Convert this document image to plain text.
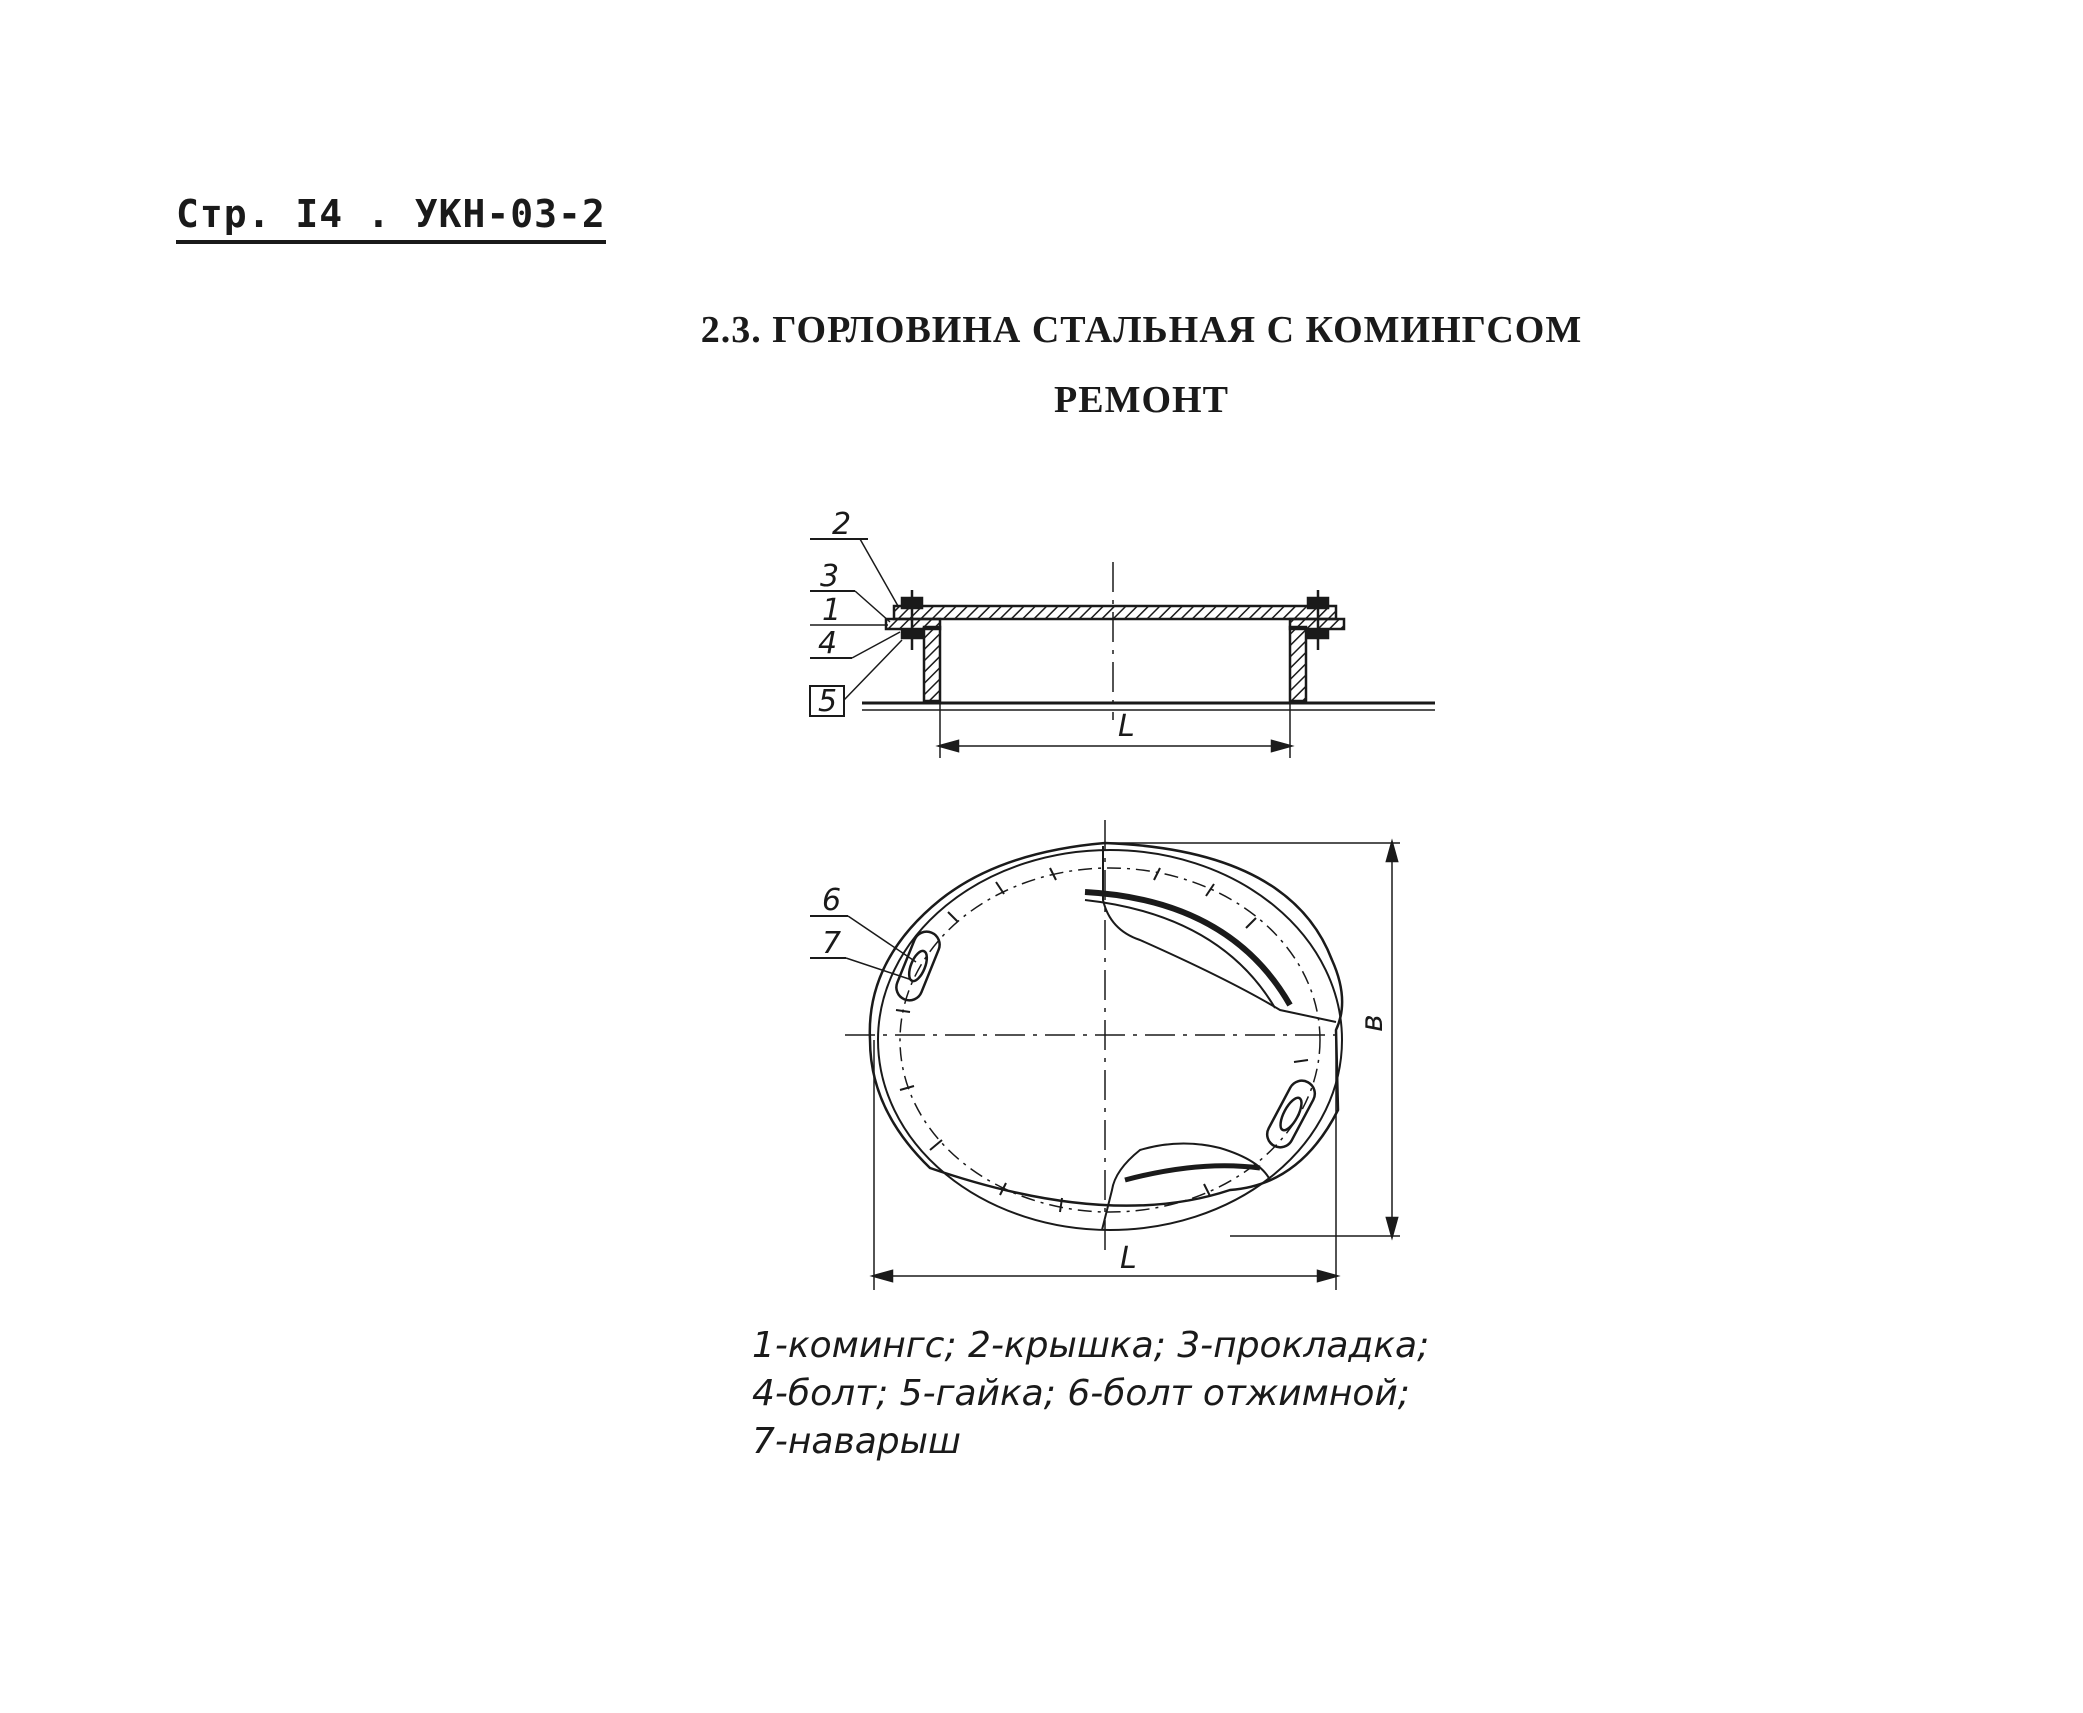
Стр. I4 . УКН-03-2
2.3. ГОРЛОВИНА СТАЛЬНАЯ С КОМИНГСОМ
РЕМОНТ
2
3
1
4
5
L
6
7
L
в
1-комингс; 2-крышка; 3-прокладка;
4-болт; 5-гайка; 6-болт отжимной;
7-наварыш
